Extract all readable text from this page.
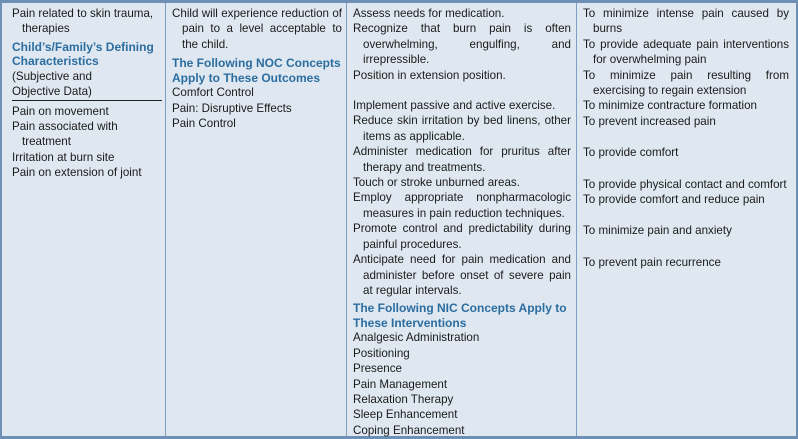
Pain related to skin trauma, therapies
Child’s/Family’s Defining Characteristics
(Subjective and
Objective Data)
Pain on movement
Pain associated with treatment
Irritation at burn site
Pain on extension of joint
Child will experience reduction of pain to a level acceptable to the child.
The Following NOC Concepts Apply to These Outcomes
Comfort Control
Pain: Disruptive Effects
Pain Control
Assess needs for medication.
Recognize that burn pain is often overwhelming, engulfing, and irrepressible.
Position in extension position.
Implement passive and active exercise.
Reduce skin irritation by bed linens, other items as applicable.
Administer medication for pruritus after therapy and treatments.
Touch or stroke unburned areas.
Employ appropriate nonpharmacologic measures in pain reduction techniques.
Promote control and predictability during painful procedures.
Anticipate need for pain medication and administer before onset of severe pain at regular intervals.
The Following NIC Concepts Apply to These Interventions
Analgesic Administration
Positioning
Presence
Pain Management
Relaxation Therapy
Sleep Enhancement
Coping Enhancement
To minimize intense pain caused by burns
To provide adequate pain interventions for overwhelming pain
To minimize pain resulting from exercising to regain extension
To minimize contracture formation
To prevent increased pain
To provide comfort
To provide physical contact and comfort
To provide comfort and reduce pain
To minimize pain and anxiety
To prevent pain recurrence
